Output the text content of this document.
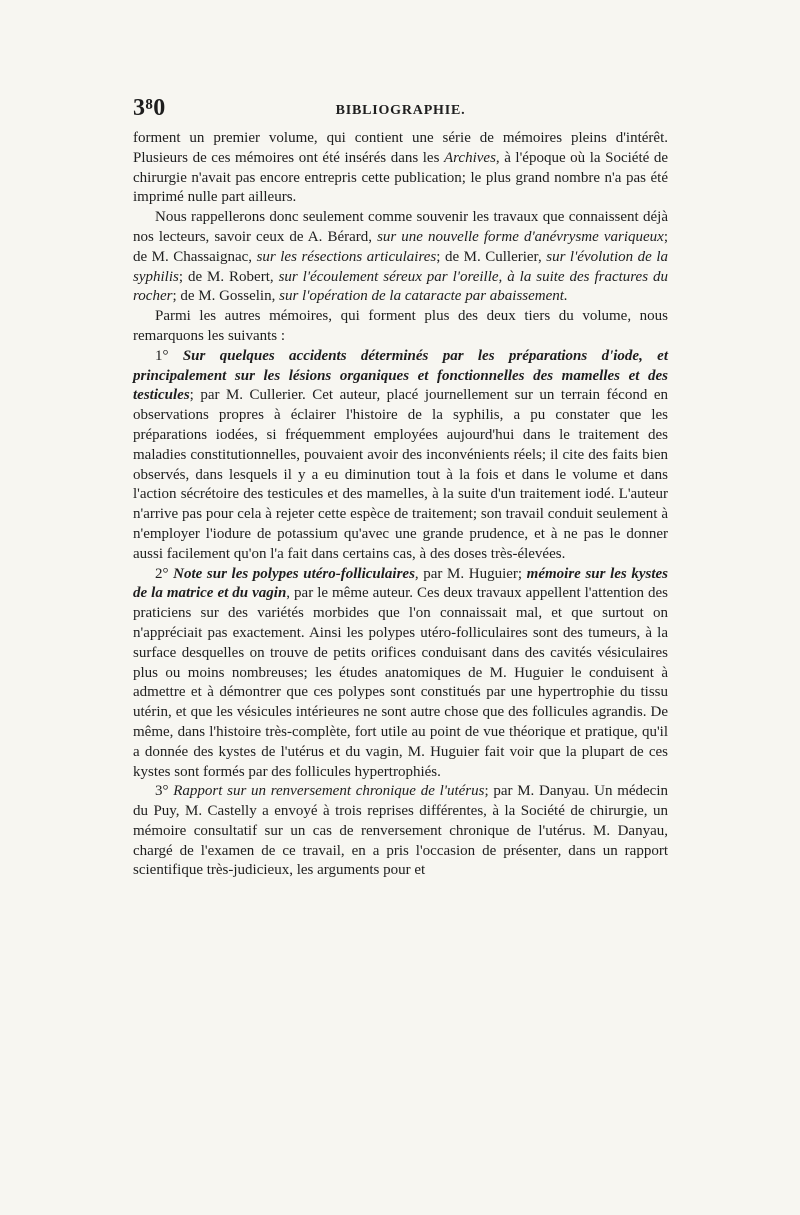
3⁸0	BIBLIOGRAPHIE.

forment un premier volume, qui contient une série de mémoires pleins d'intérêt. Plusieurs de ces mémoires ont été insérés dans les Archives, à l'époque où la Société de chirurgie n'avait pas encore entrepris cette publication; le plus grand nombre n'a pas été imprimé nulle part ailleurs.

Nous rappellerons donc seulement comme souvenir les travaux que connaissent déjà nos lecteurs, savoir ceux de A. Bérard, sur une nouvelle forme d'anévrysme variqueux; de M. Chassaignac, sur les résections articulaires; de M. Cullerier, sur l'évolution de la syphilis; de M. Robert, sur l'écoulement séreux par l'oreille, à la suite des fractures du rocher; de M. Gosselin, sur l'opération de la cataracte par abaissement.

Parmi les autres mémoires, qui forment plus des deux tiers du volume, nous remarquons les suivants :

1° Sur quelques accidents déterminés par les préparations d'iode, et principalement sur les lésions organiques et fonctionnelles des mamelles et des testicules; par M. Cullerier. Cet auteur, placé journellement sur un terrain fécond en observations propres à éclairer l'histoire de la syphilis, a pu constater que les préparations iodées, si fréquemment employées aujourd'hui dans le traitement des maladies constitutionnelles, pouvaient avoir des inconvénients réels; il cite des faits bien observés, dans lesquels il y a eu diminution tout à la fois et dans le volume et dans l'action sécrétoire des testicules et des mamelles, à la suite d'un traitement iodé. L'auteur n'arrive pas pour cela à rejeter cette espèce de traitement; son travail conduit seulement à n'employer l'iodure de potassium qu'avec une grande prudence, et à ne pas le donner aussi facilement qu'on l'a fait dans certains cas, à des doses très-élevées.

2° Note sur les polypes utéro-folliculaires, par M. Huguier; mémoire sur les kystes de la matrice et du vagin, par le même auteur. Ces deux travaux appellent l'attention des praticiens sur des variétés morbides que l'on connaissait mal, et que surtout on n'appréciait pas exactement. Ainsi les polypes utéro-folliculaires sont des tumeurs, à la surface desquelles on trouve de petits orifices conduisant dans des cavités vésiculaires plus ou moins nombreuses; les études anatomiques de M. Huguier le conduisent à admettre et à démontrer que ces polypes sont constitués par une hypertrophie du tissu utérin, et que les vésicules intérieures ne sont autre chose que des follicules agrandis. De même, dans l'histoire très-complète, fort utile au point de vue théorique et pratique, qu'il a donnée des kystes de l'utérus et du vagin, M. Huguier fait voir que la plupart de ces kystes sont formés par des follicules hypertrophiés.

3° Rapport sur un renversement chronique de l'utérus; par M. Danyau. Un médecin du Puy, M. Castelly a envoyé à trois reprises différentes, à la Société de chirurgie, un mémoire consultatif sur un cas de renversement chronique de l'utérus. M. Danyau, chargé de l'examen de ce travail, en a pris l'occasion de présenter, dans un rapport scientifique très-judicieux, les arguments pour et
